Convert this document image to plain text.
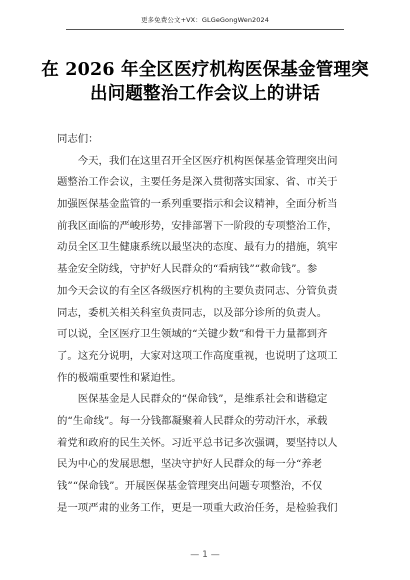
更多免费公文+VX：GLGeGongWen2024
在 2026 年全区医疗机构医保基金管理突
出问题整治工作会议上的讲话
同志们：
　　今天，我们在这里召开全区医疗机构医保基金管理突出问
题整治工作会议，主要任务是深入贯彻落实国家、省、市关于
加强医保基金监管的一系列重要指示和会议精神，全面分析当
前我区面临的严峻形势，安排部署下一阶段的专项整治工作，
动员全区卫生健康系统以最坚决的态度、最有力的措施，筑牢
基金安全防线，守护好人民群众的“看病钱”“救命钱”。参
加今天会议的有全区各级医疗机构的主要负责同志、分管负责
同志，委机关相关科室负责同志，以及部分诊所的负责人。
可以说，全区医疗卫生领域的“关键少数”和骨干力量都到齐
了。这充分说明，大家对这项工作高度重视，也说明了这项工
作的极端重要性和紧迫性。
　　医保基金是人民群众的“保命钱”，是维系社会和谐稳定
的“生命线”。每一分钱都凝聚着人民群众的劳动汗水，承载
着党和政府的民生关怀。习近平总书记多次强调，要坚持以人
民为中心的发展思想，坚决守护好人民群众的每一分“养老
钱”“保命钱”。开展医保基金管理突出问题专项整治，不仅
是一项严肃的业务工作，更是一项重大政治任务，是检验我们
— 1 —
